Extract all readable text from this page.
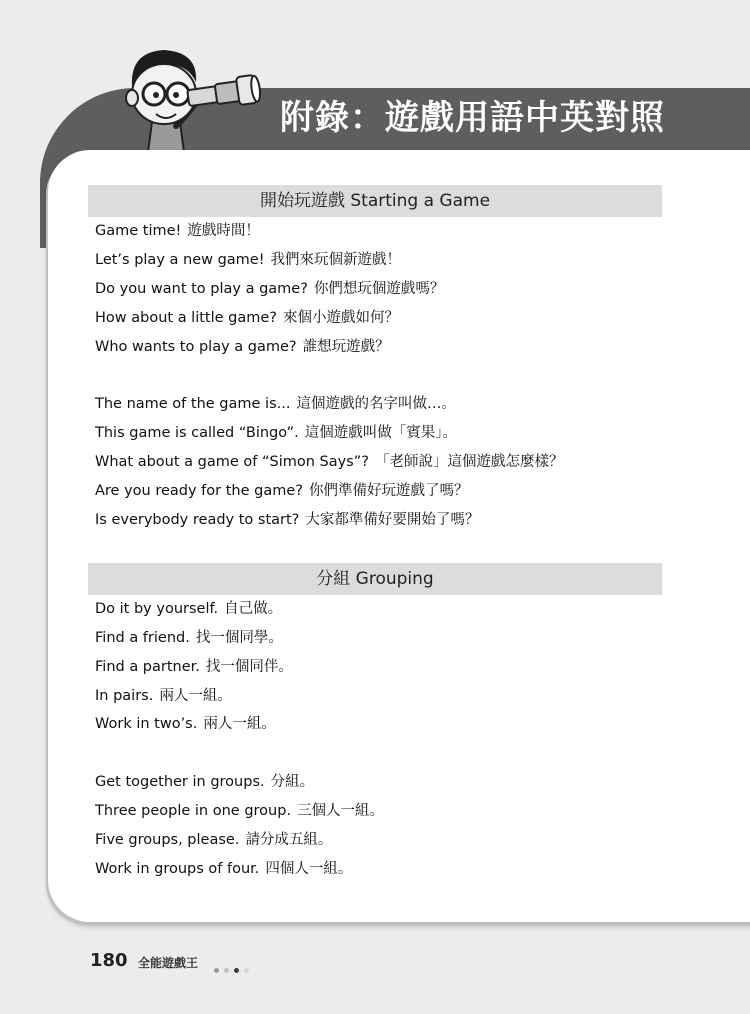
附錄：遊戲用語中英對照
開始玩遊戲 Starting a Game
Game time! 遊戲時間！
Let’s play a new game! 我們來玩個新遊戲！
Do you want to play a game? 你們想玩個遊戲嗎？
How about a little game? 來個小遊戲如何？
Who wants to play a game? 誰想玩遊戲？
The name of the game is... 這個遊戲的名字叫做…。
This game is called “Bingo”. 這個遊戲叫做「賓果」。
What about a game of “Simon Says”? 「老師說」這個遊戲怎麼樣？
Are you ready for the game? 你們準備好玩遊戲了嗎？
Is everybody ready to start? 大家都準備好要開始了嗎？
分組 Grouping
Do it by yourself. 自己做。
Find a friend. 找一個同學。
Find a partner. 找一個同伴。
In pairs. 兩人一組。
Work in two’s. 兩人一組。
Get together in groups. 分組。
Three people in one group. 三個人一組。
Five groups, please. 請分成五組。
Work in groups of four. 四個人一組。
180 全能遊戲王
